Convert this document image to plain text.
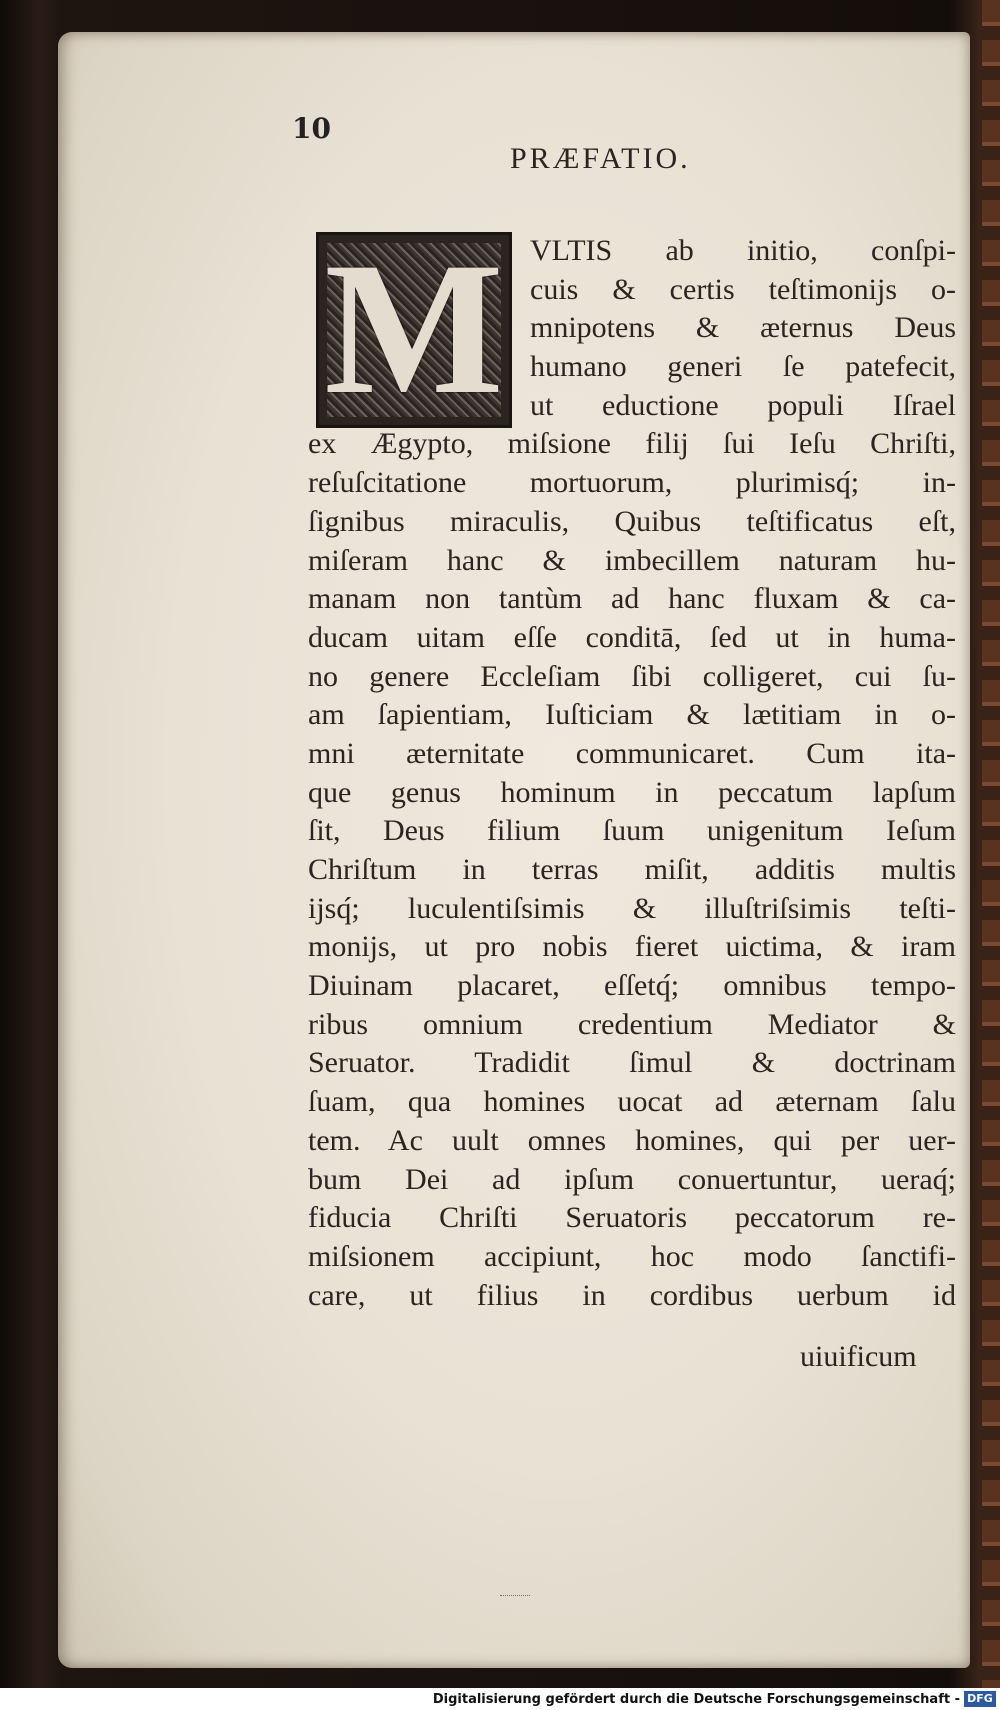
10
PRÆFATIO.
M VLTIS ab initio, conſpi-
cuis & certis teſtimonijs o-
mnipotens & æternus Deus
humano generi ſe patefecit,
ut eductione populi Iſrael
ex Ægypto, miſsione filij ſui Ieſu Chriſti,
reſuſcitatione mortuorum, plurimisq́; in-
ſignibus miraculis, Quibus teſtificatus eſt,
miſeram hanc & imbecillem naturam hu-
manam non tantùm ad hanc fluxam & ca-
ducam uitam eſſe conditā, ſed ut in huma-
no genere Eccleſiam ſibi colligeret, cui ſu-
am ſapientiam, Iuſticiam & lætitiam in o-
mni æternitate communicaret. Cum ita-
que genus hominum in peccatum lapſum
ſit, Deus filium ſuum unigenitum Ieſum
Chriſtum in terras miſit, additis multis
ijsq́; luculentiſsimis & illuſtriſsimis teſti-
monijs, ut pro nobis fieret uictima, & iram
Diuinam placaret, eſſetq́; omnibus tempo-
ribus omnium credentium Mediator &
Seruator. Tradidit ſimul & doctrinam
ſuam, qua homines uocat ad æternam ſalu
tem. Ac uult omnes homines, qui per uer-
bum Dei ad ipſum conuertuntur, ueraq́;
fiducia Chriſti Seruatoris peccatorum re-
miſsionem accipiunt, hoc modo ſanctifi-
care, ut filius in cordibus uerbum id
uiuificum
Digitalisierung gefördert durch die Deutsche Forschungsgemeinschaft - DFG
